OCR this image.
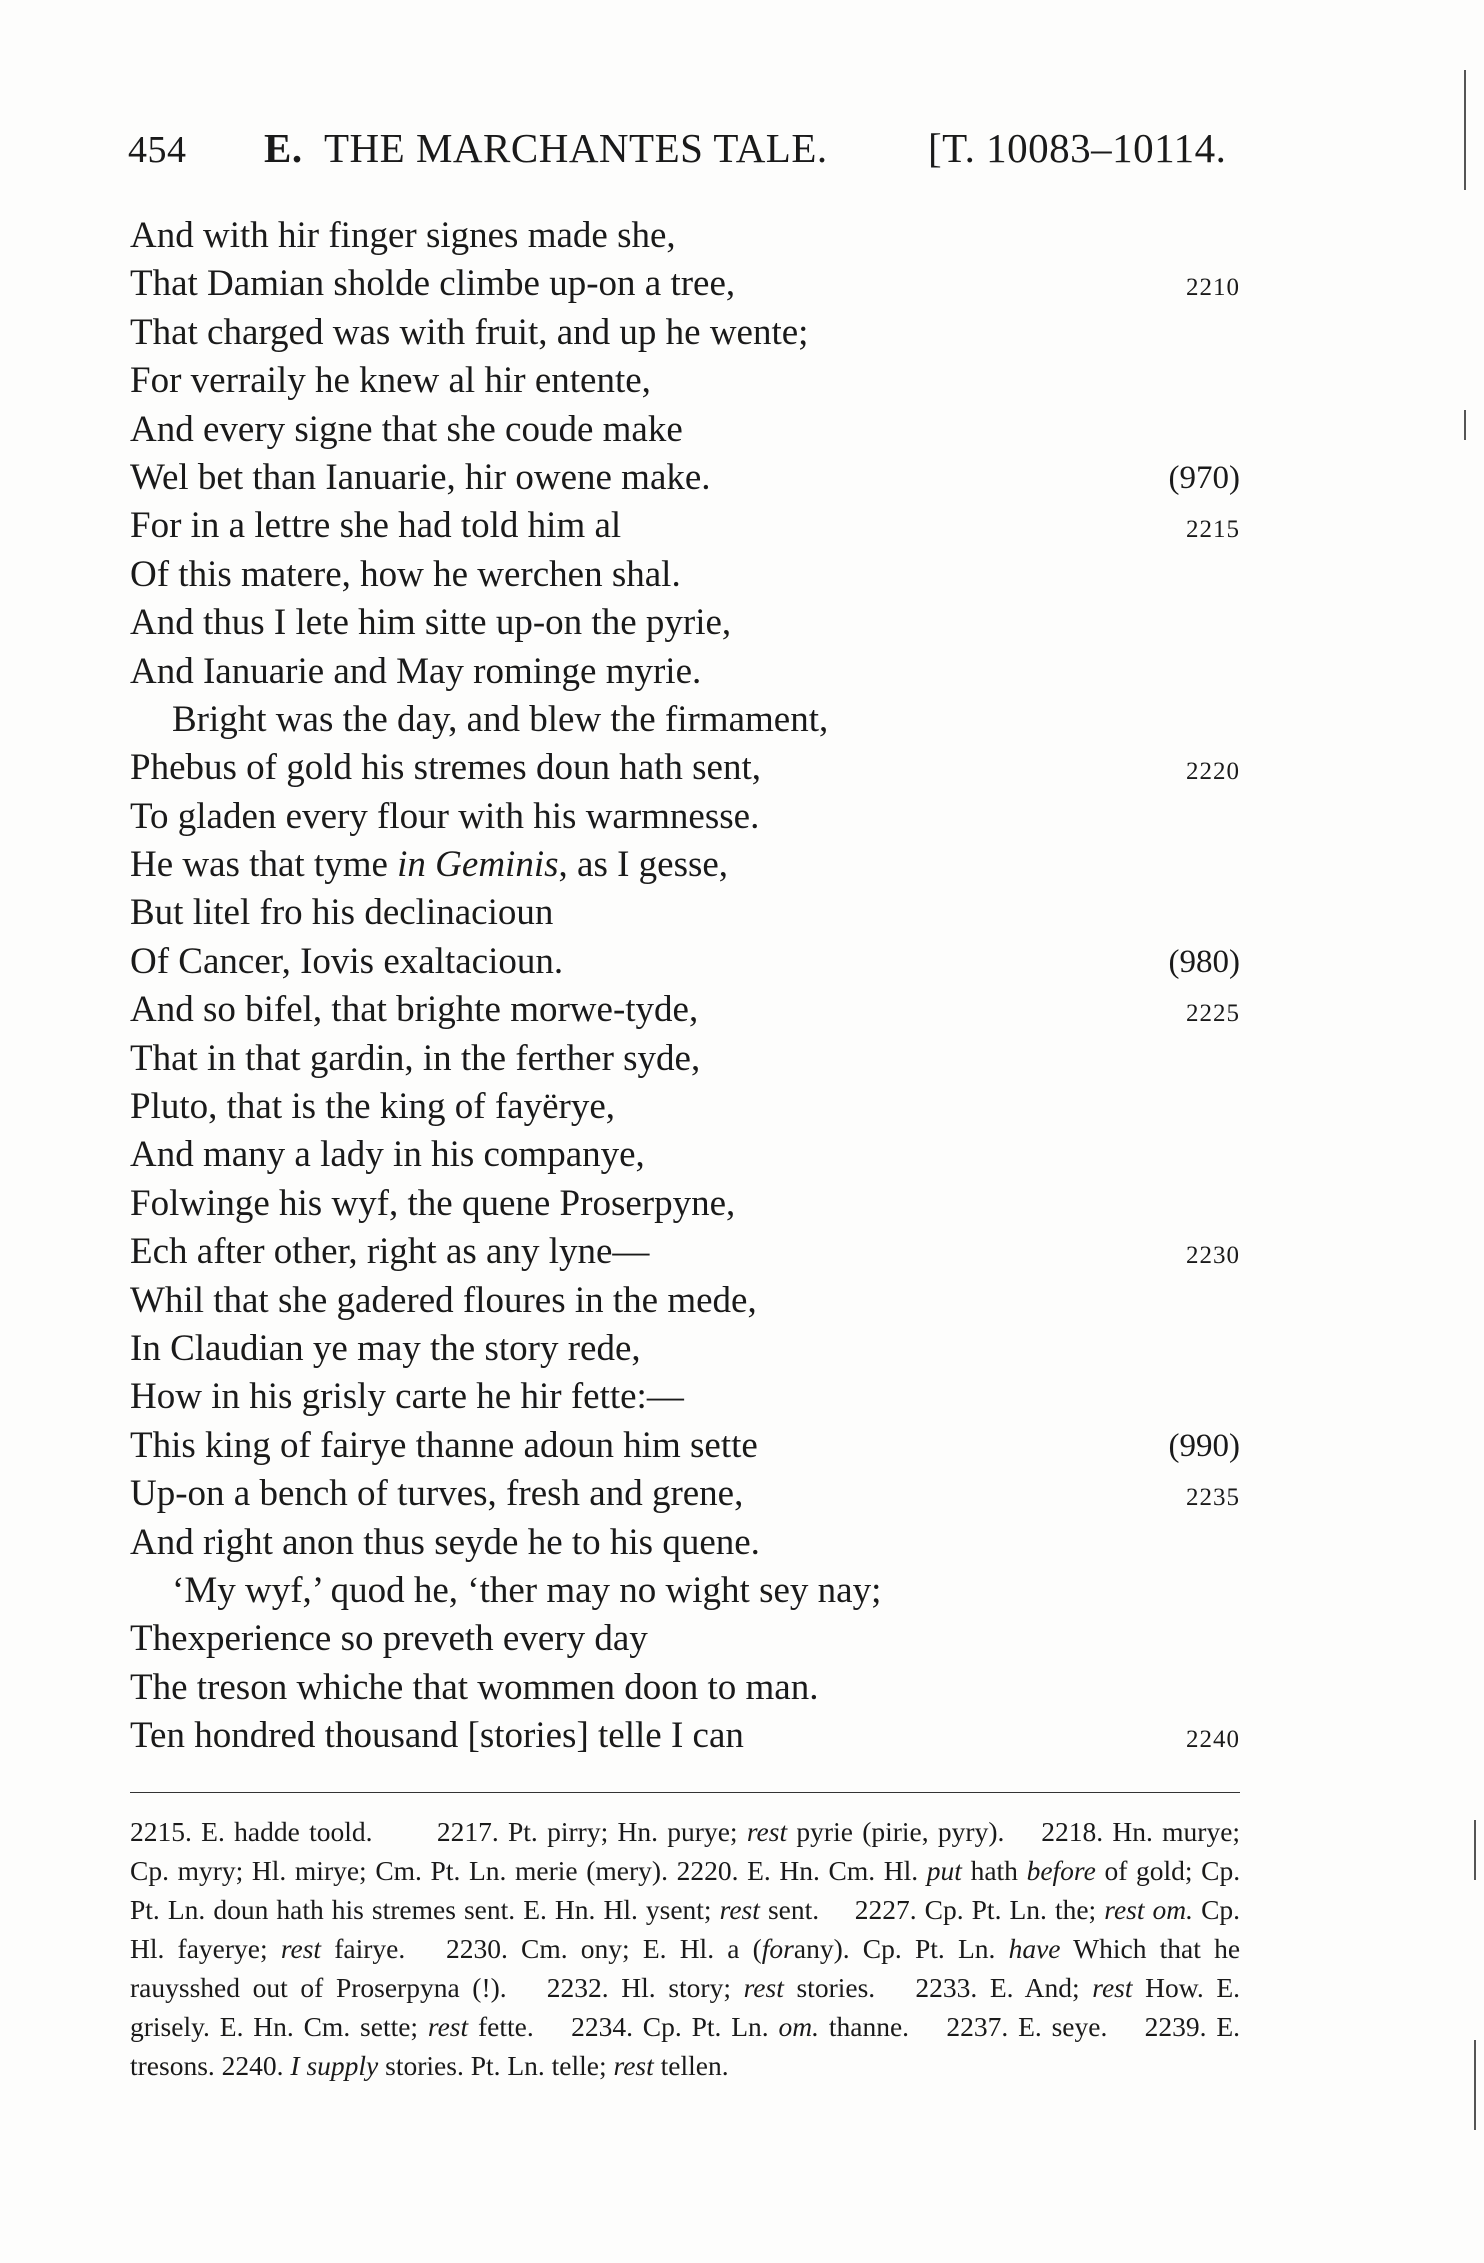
454 E. THE MARCHANTES TALE. [T. 10083–10114.
And with hir finger signes made she,
That Damian sholde climbe up-on a tree,	2210
That charged was with fruit, and up he wente;
For verraily he knew al hir entente,
And every signe that she coude make
Wel bet than Ianuarie, hir owene make.	(970)
For in a lettre she had told him al	2215
Of this matere, how he werchen shal.
And thus I lete him sitte up-on the pyrie,
And Ianuarie and May rominge myrie.
Bright was the day, and blew the firmament,
Phebus of gold his stremes doun hath sent,	2220
To gladen every flour with his warmnesse.
He was that tyme in Geminis, as I gesse,
But litel fro his declinacioun
Of Cancer, Iovis exaltacioun.	(980)
And so bifel, that brighte morwe-tyde,	2225
That in that gardin, in the ferther syde,
Pluto, that is the king of fayërye,
And many a lady in his companye,
Folwinge his wyf, the quene Proserpyne,
Ech after other, right as any lyne—	2230
Whil that she gadered floures in the mede,
In Claudian ye may the story rede,
How in his grisly carte he hir fette:—
This king of fairye thanne adoun him sette	(990)
Up-on a bench of turves, fresh and grene,	2235
And right anon thus seyde he to his quene.
‘My wyf,’ quod he, ‘ther may no wight sey nay;
Thexperience so preveth every day
The treson whiche that wommen doon to man.
Ten hondred thousand [stories] telle I can	2240

2215. E. hadde toold.   2217. Pt. pirry; Hn. purye; rest pyrie (pirie, pyry).  2218. Hn. murye; Cp. myry; Hl. mirye; Cm. Pt. Ln. merie (mery). 2220. E. Hn. Cm. Hl. put hath before of gold; Cp. Pt. Ln. doun hath his stremes sent. E. Hn. Hl. ysent; rest sent.  2227. Cp. Pt. Ln. the; rest om. Cp. Hl. fayerye; rest fairye.  2230. Cm. ony; E. Hl. a (forany). Cp. Pt. Ln. have Which that he rauysshed out of Proserpyna (!).  2232. Hl. story; rest stories.  2233. E. And; rest How. E. grisely. E. Hn. Cm. sette; rest fette.  2234. Cp. Pt. Ln. om. thanne.  2237. E. seye.  2239. E. tresons. 2240. I supply stories. Pt. Ln. telle; rest tellen.
